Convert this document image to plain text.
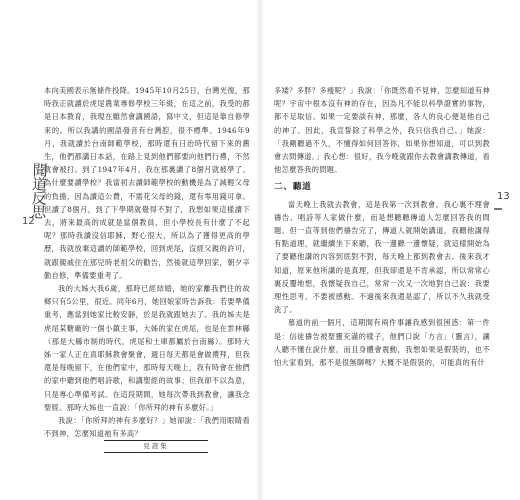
聞道反思
12

本向美國表示無條件投降。1945年10月25日，台灣光復，那時我正就讀於虎尾農業專修學校三年級，在這之前，我受的都是日本教育，我現在雖然會講國語，寫中文，但這是靠自修學來的。所以我講的國語發音有台灣腔，很不標準。1946年9月，我就讀於台南師範學校，那時還有日治時代留下來的舊生，他們都講日本話，在路上見到他們都要向他們行禮，不然就會被打。到了1947年4月，我在那裏讀了8個月就被學了。為什麼要讀學校？我當初去讀師範學校的動機是為了減輕父母的負擔，因為讀這公費，不需花父母的錢，還有零用錢可拿。但讀了8個月，到了下學期就覺得不對了，我想如果這樣讀下去，將來最高的成就是當個教員，但小學校長有什麼了不起呢？那時我讀沒信耶穌，野心很大，所以為了獲得更高的學歷，我就放棄這讀的師範學校，回到虎尾，沒經父親的許可，就跟親戚住在那兒時老祖父的勸告，然後就這學回家，朝夕辛勤自修，準備要重考了。

我的大姊大我6歲，那時已經結婚，她的家離我們住的故鄉只有5公里，很近。同年6月，她回娘家時告訴我：若要準備重考，應當到她家比較安靜，於是我就跟她去了。我的姊夫是虎尾某糖廠的一個小鎮主事，大姊的家在虎尾，也是在雲林縣（那是大縣市制的時代，虎尾和土庫都屬於台南縣）。那時大姊一家人正在真耶穌教會聚會，週日每天都是會做禮拜，但我還是每晚留下，在他們家中，那時每天晚上，我有時會在他們的家中聽到他們唱詩歌，和講聖經的故事；但我卻不以為意，只是專心準備考試。在這段期間，她每次帶我到教會，讓我念聖經。那時大姊也一直說：「你所拜的神有多麼好。」

我說：「你所拜的神有多麼好？」她卻說：「我們用眼睛看不到神，怎麼知道祂有多高？

見證集
13

多矮？多胖？多瘦呢？」我說：「你既然看不見神，怎麼知道有神呢？宇宙中根本沒有神的存在，因為凡不能以科學證實的事物，都不足取信。如果一定要談有神，那麼，各人的良心便是他自己的神了。因此，我宣誓除了科學之外，我只信我自己。」她說：「我剛聽過不久，不懂得如何回答你，如果你想知道，可以到教會去問傳道。」我心想：很好，我今晚就跟你去教會講教傳道，看他怎麼答我的問題。

二、聽道

當天晚上我就去教會，這是我第一次到教會。我心裏不理會禱告、唱詩等人家做什麼，而是想聽聽傳道人怎麼回答我的問題。但一直等到他們禱告完了，傳道人就開始講道，我聽他講得有點道理，就繼續坐下來聽，我一邊聽一邊懷疑，就這樣開始為了要聽他講的內容到底對不對，每天晚上都到教會去。後來我才知道，原來他所講的是真理，但我卻還是不肯承認，所以常常心裏反覆地想，我懷疑我自己，常常一次又一次地對自己說：我要理性思考，不要被感動。不過後來我還是認了，所以不久我就受洗了。

慕道的前一個月，這期間有兩件事讓我感到很困惑：第一件是：信徒禱告被聖靈充滿的樣子，他們口說「方言」（靈言），讓人聽不懂在說什麼，而且身體會震動，我想如果是假裝的，也不怕大家看到，那不是很無聊嗎？大概不是假裝的，可能真的有什
